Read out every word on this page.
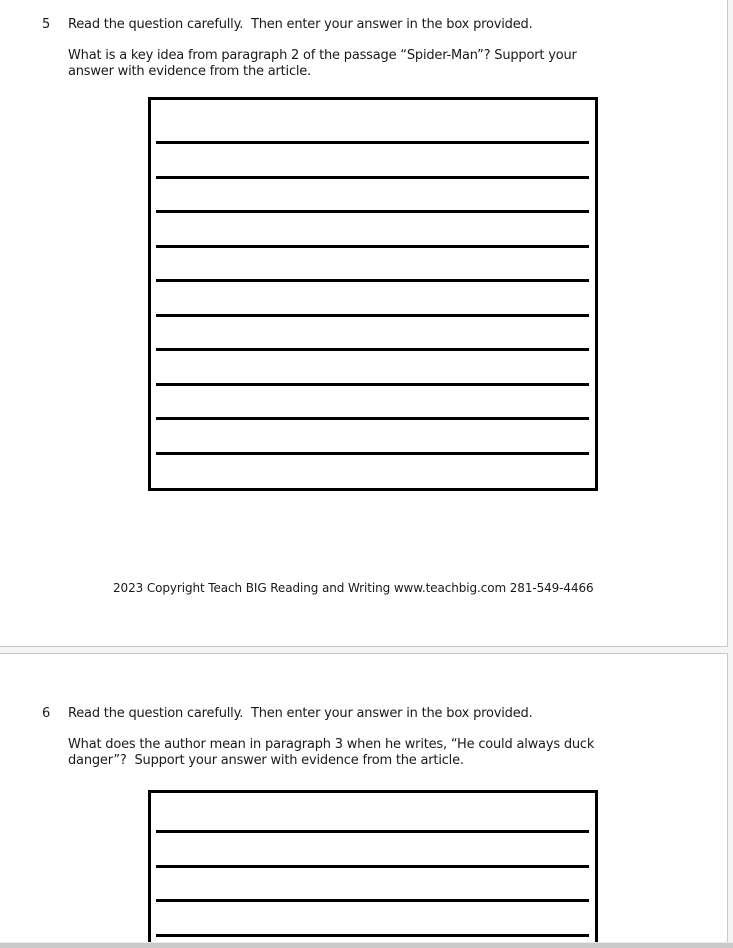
5 Read the question carefully.  Then enter your answer in the box provided.
What is a key idea from paragraph 2 of the passage “Spider-Man”? Support your
answer with evidence from the article.
2023 Copyright Teach BIG Reading and Writing www.teachbig.com 281-549-4466
6 Read the question carefully.  Then enter your answer in the box provided.
What does the author mean in paragraph 3 when he writes, “He could always duck
danger”?  Support your answer with evidence from the article.
